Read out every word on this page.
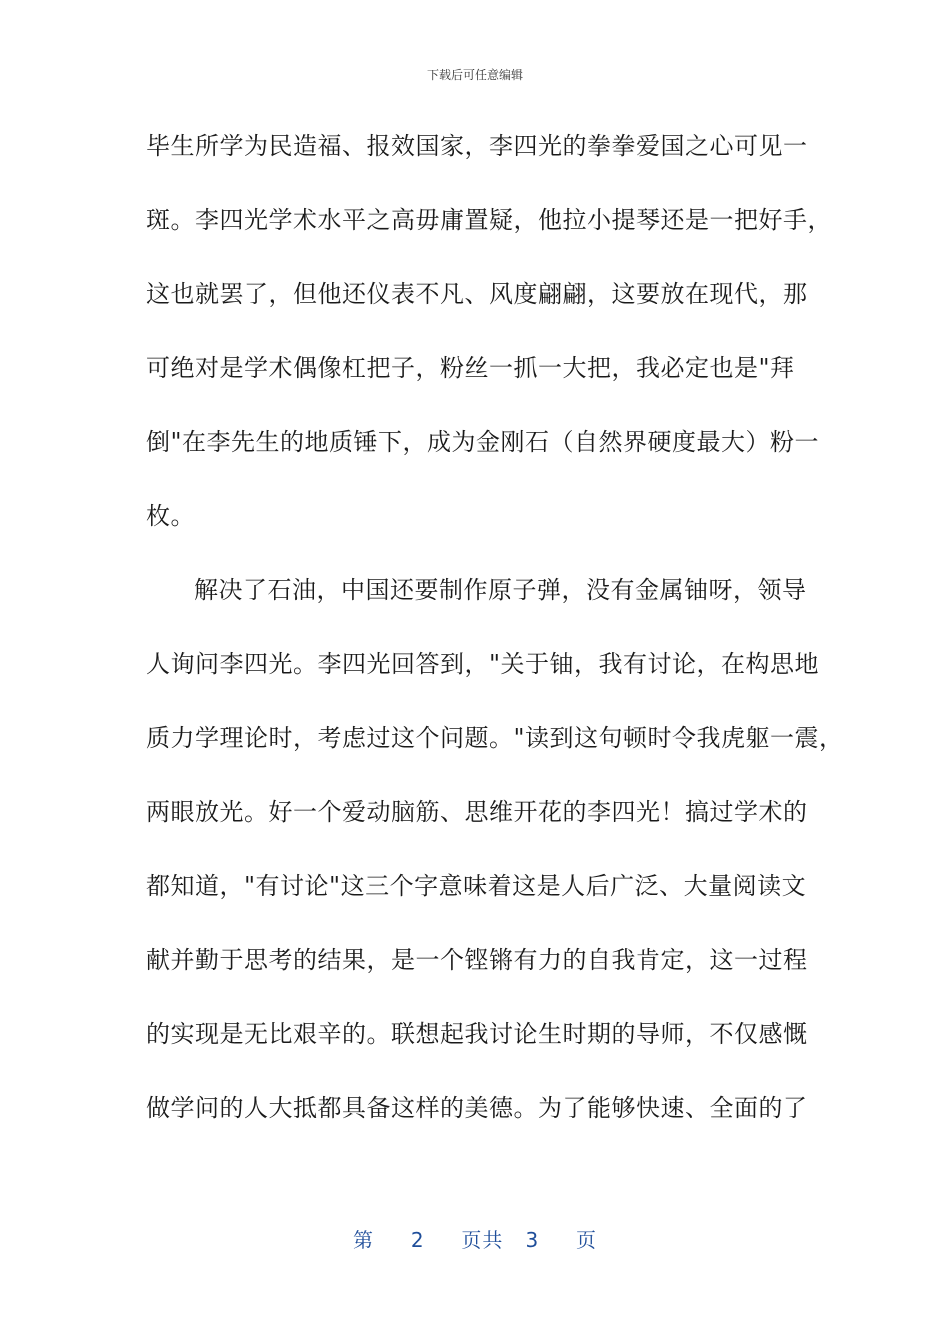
下载后可任意编辑
毕生所学为民造福、报效国家，李四光的拳拳爱国之心可见一
斑。李四光学术水平之高毋庸置疑，他拉小提琴还是一把好手，
这也就罢了，但他还仪表不凡、风度翩翩，这要放在现代，那
可绝对是学术偶像杠把子，粉丝一抓一大把，我必定也是"拜
倒"在李先生的地质锤下，成为金刚石（自然界硬度最大）粉一
枚。
解决了石油，中国还要制作原子弹，没有金属铀呀，领导
人询问李四光。李四光回答到，"关于铀，我有讨论，在构思地
质力学理论时，考虑过这个问题。"读到这句顿时令我虎躯一震，
两眼放光。好一个爱动脑筋、思维开花的李四光！搞过学术的
都知道，"有讨论"这三个字意味着这是人后广泛、大量阅读文
献并勤于思考的结果，是一个铿锵有力的自我肯定，这一过程
的实现是无比艰辛的。联想起我讨论生时期的导师，不仅感慨
做学问的人大抵都具备这样的美德。为了能够快速、全面的了
第 2 页共 3 页
